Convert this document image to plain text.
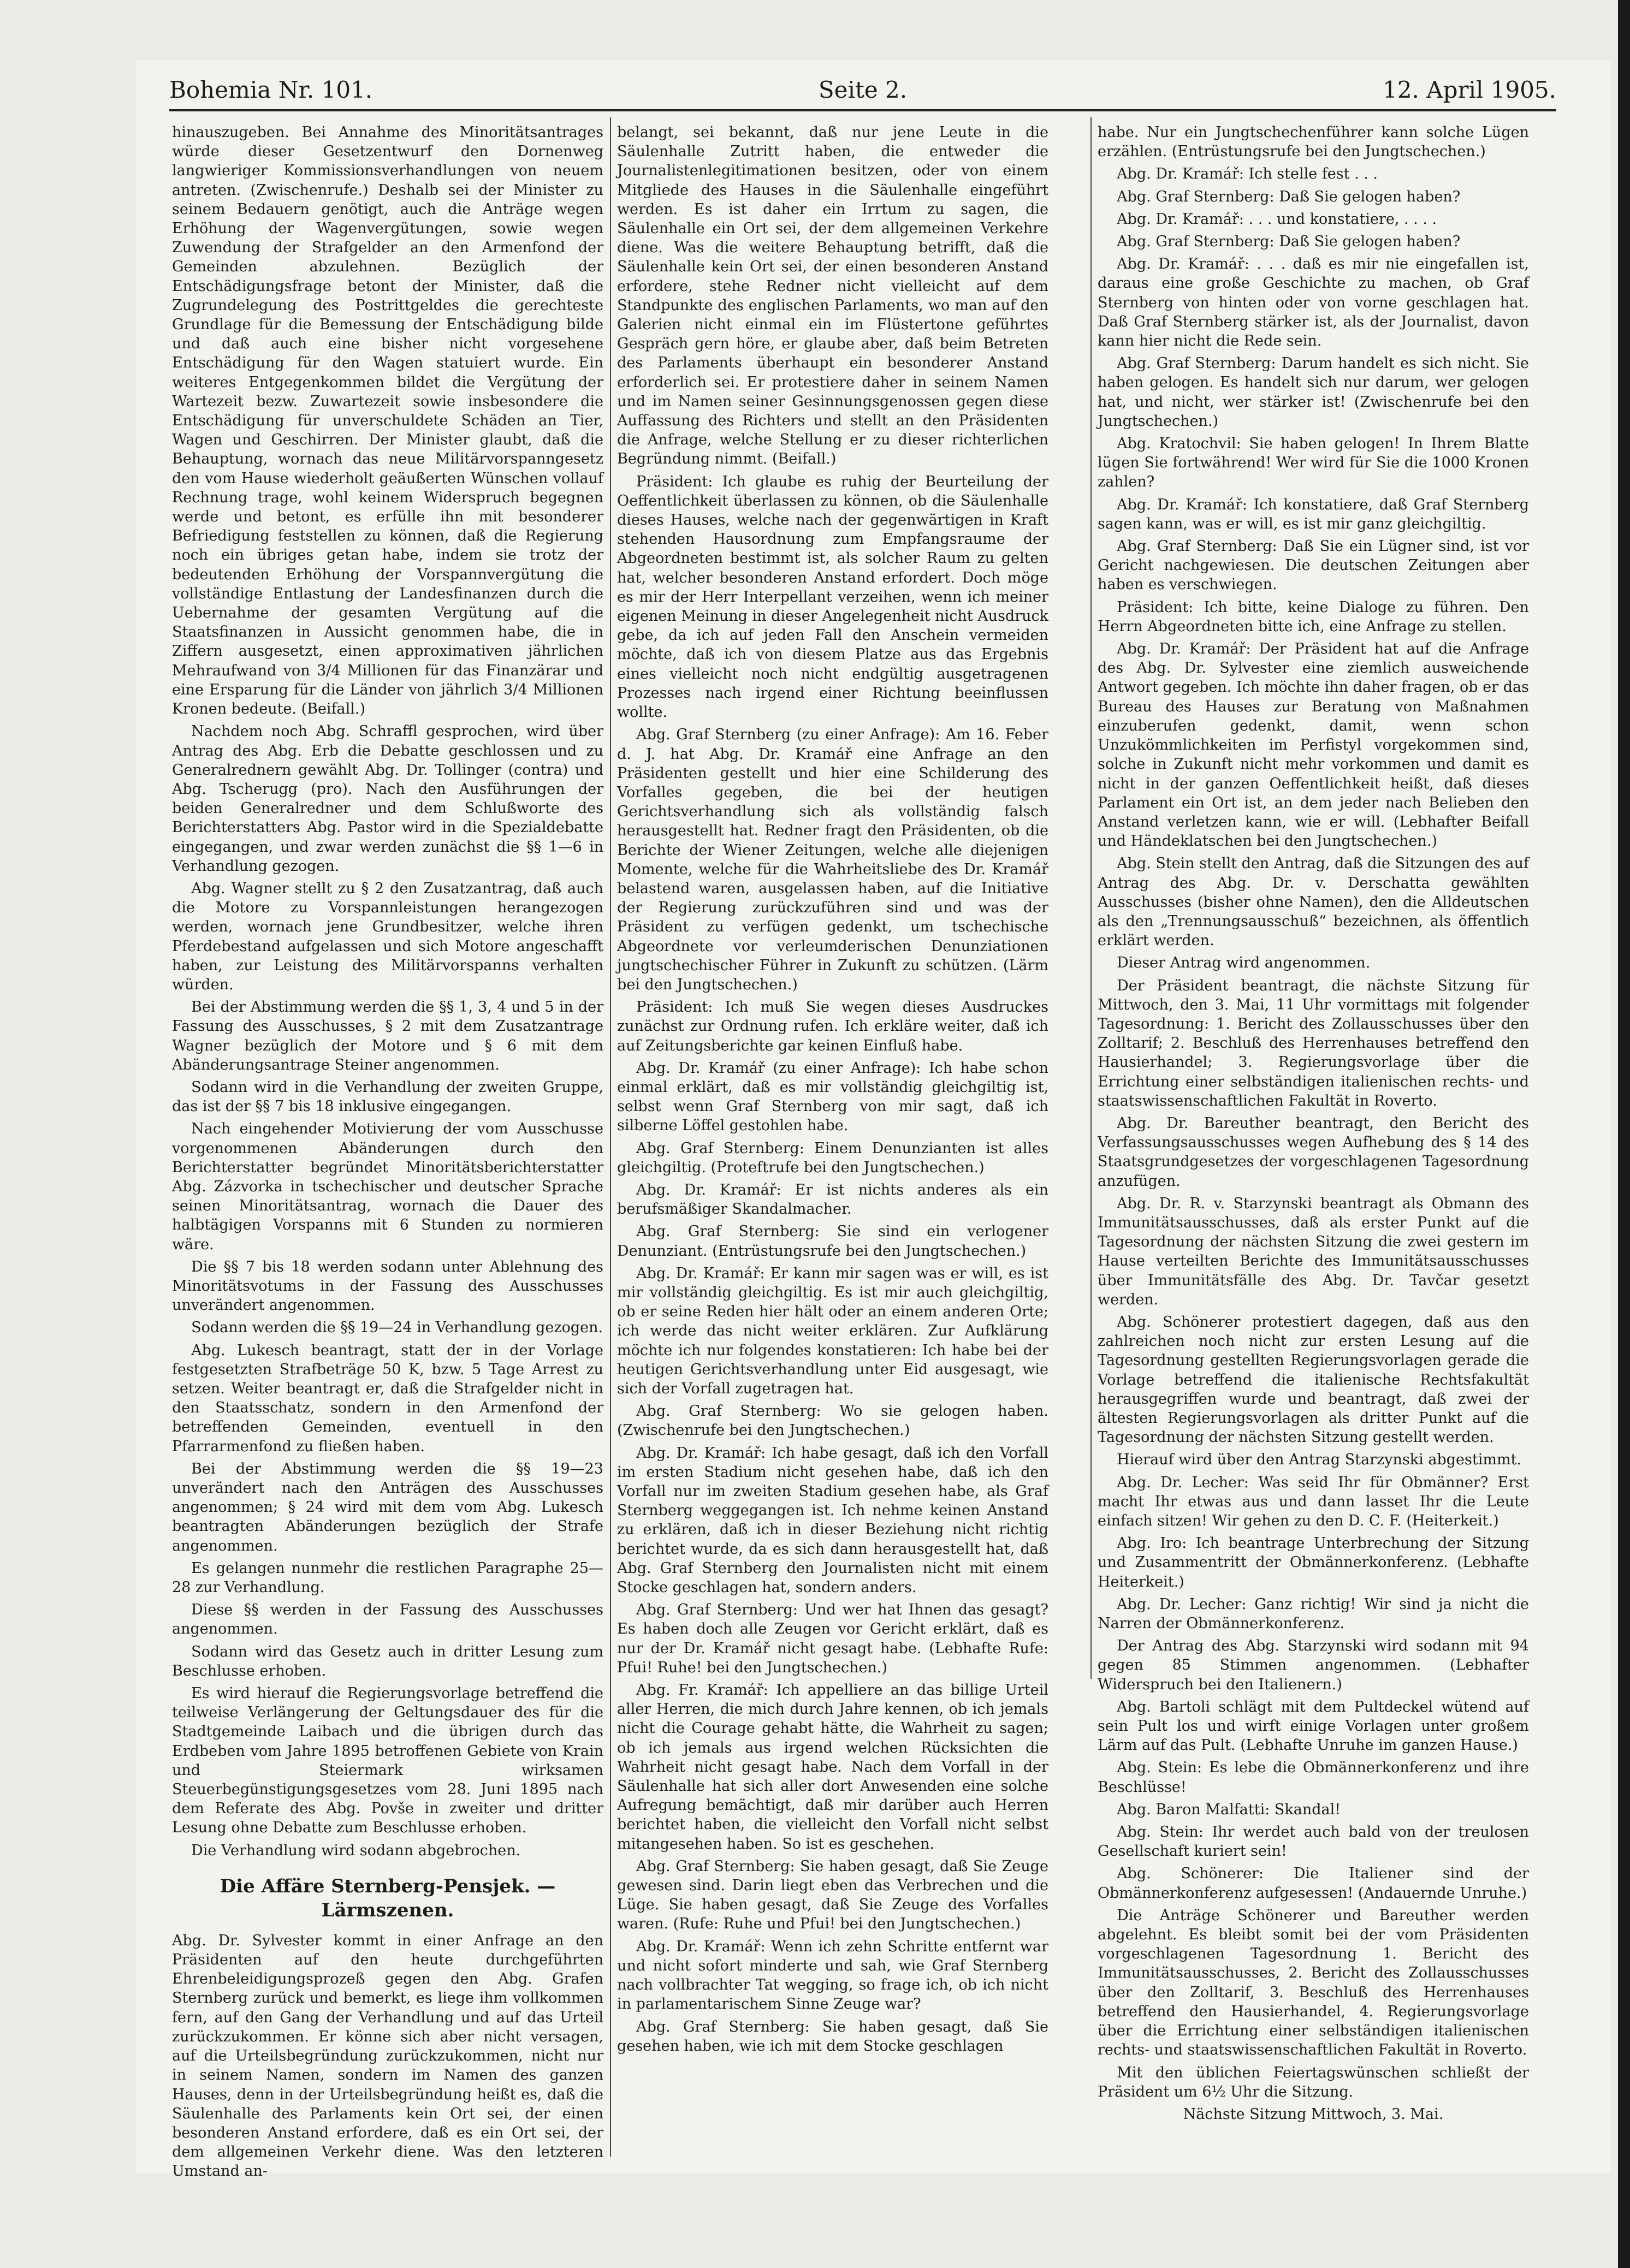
Bohemia Nr. 101.	Seite 2.	12. April 1905.

hinauszugeben. Bei Annahme des Minoritätsantrages würde dieser Gesetzentwurf den Dornenweg langwieriger Kommissionsverhandlungen von neuem antreten. (Zwischenrufe.) Deshalb sei der Minister zu seinem Bedauern genötigt, auch die Anträge wegen Erhöhung der Wagenvergütungen, sowie wegen Zuwendung der Strafgelder an den Armenfond der Gemeinden abzulehnen. Bezüglich der Entschädigungsfrage betont der Minister, daß die Zugrundelegung des Postrittgeldes die gerechteste Grundlage für die Bemessung der Entschädigung bilde und daß auch eine bisher nicht vorgesehene Entschädigung für den Wagen statuiert wurde. Ein weiteres Entgegenkommen bildet die Vergütung der Wartezeit bezw. Zuwartezeit sowie insbesondere die Entschädigung für unverschuldete Schäden an Tier, Wagen und Geschirren. Der Minister glaubt, daß die Behauptung, wornach das neue Militärvorspanngesetz den vom Hause wiederholt geäußerten Wünschen vollauf Rechnung trage, wohl keinem Widerspruch begegnen werde und betont, es erfülle ihn mit besonderer Befriedigung feststellen zu können, daß die Regierung noch ein übriges getan habe, indem sie trotz der bedeutenden Erhöhung der Vorspannvergütung die vollständige Entlastung der Landesfinanzen durch die Uebernahme der gesamten Vergütung auf die Staatsfinanzen in Aussicht genommen habe, die in Ziffern ausgesetzt, einen approximativen jährlichen Mehraufwand von 3/4 Millionen für das Finanzärar und eine Ersparung für die Länder von jährlich 3/4 Millionen Kronen bedeute. (Beifall.)

Nachdem noch Abg. Schraffl gesprochen, wird über Antrag des Abg. Erb die Debatte geschlossen und zu Generalrednern gewählt Abg. Dr. Tollinger (contra) und Abg. Tscherugg (pro). Nach den Ausführungen der beiden Generalredner und dem Schlußworte des Berichterstatters Abg. Pastor wird in die Spezialdebatte eingegangen, und zwar werden zunächst die §§ 1—6 in Verhandlung gezogen.

Abg. Wagner stellt zu § 2 den Zusatzantrag, daß auch die Motore zu Vorspannleistungen herangezogen werden, wornach jene Grundbesitzer, welche ihren Pferdebestand aufgelassen und sich Motore angeschafft haben, zur Leistung des Militärvorspanns verhalten würden.

Bei der Abstimmung werden die §§ 1, 3, 4 und 5 in der Fassung des Ausschusses, § 2 mit dem Zusatzantrage Wagner bezüglich der Motore und § 6 mit dem Abänderungsantrage Steiner angenommen.

Sodann wird in die Verhandlung der zweiten Gruppe, das ist der §§ 7 bis 18 inklusive eingegangen.

Nach eingehender Motivierung der vom Ausschusse vorgenommenen Abänderungen durch den Berichterstatter begründet Minoritätsberichterstatter Abg. Zázvorka in tschechischer und deutscher Sprache seinen Minoritätsantrag, wornach die Dauer des halbtägigen Vorspanns mit 6 Stunden zu normieren wäre.

Die §§ 7 bis 18 werden sodann unter Ablehnung des Minoritätsvotums in der Fassung des Ausschusses unverändert angenommen.

Sodann werden die §§ 19—24 in Verhandlung gezogen.

Abg. Lukesch beantragt, statt der in der Vorlage festgesetzten Strafbeträge 50 K, bzw. 5 Tage Arrest zu setzen. Weiter beantragt er, daß die Strafgelder nicht in den Staatsschatz, sondern in den Armenfond der betreffenden Gemeinden, eventuell in den Pfarrarmenfond zu fließen haben.

Bei der Abstimmung werden die §§ 19—23 unverändert nach den Anträgen des Ausschusses angenommen; § 24 wird mit dem vom Abg. Lukesch beantragten Abänderungen bezüglich der Strafe angenommen.

Es gelangen nunmehr die restlichen Paragraphe 25—28 zur Verhandlung.

Diese §§ werden in der Fassung des Ausschusses angenommen.

Sodann wird das Gesetz auch in dritter Lesung zum Beschlusse erhoben.

Es wird hierauf die Regierungsvorlage betreffend die teilweise Verlängerung der Geltungsdauer des für die Stadtgemeinde Laibach und die übrigen durch das Erdbeben vom Jahre 1895 betroffenen Gebiete von Krain und Steiermark wirksamen Steuerbegünstigungsgesetzes vom 28. Juni 1895 nach dem Referate des Abg. Povše in zweiter und dritter Lesung ohne Debatte zum Beschlusse erhoben.

Die Verhandlung wird sodann abgebrochen.

Die Affäre Sternberg-Pensjek. —
Lärmszenen.

Abg. Dr. Sylvester kommt in einer Anfrage an den Präsidenten auf den heute durchgeführten Ehrenbeleidigungsprozeß gegen den Abg. Grafen Sternberg zurück und bemerkt, es liege ihm vollkommen fern, auf den Gang der Verhandlung und auf das Urteil zurückzukommen. Er könne sich aber nicht versagen, auf die Urteilsbegründung zurückzukommen, nicht nur in seinem Namen, sondern im Namen des ganzen Hauses, denn in der Urteilsbegründung heißt es, daß die Säulenhalle des Parlaments kein Ort sei, der einen besonderen Anstand erfordere, daß es ein Ort sei, der dem allgemeinen Verkehr diene. Was den letzteren Umstand an-

belangt, sei bekannt, daß nur jene Leute in die Säulenhalle Zutritt haben, die entweder die Journalistenlegitimationen besitzen, oder von einem Mitgliede des Hauses in die Säulenhalle eingeführt werden. Es ist daher ein Irrtum zu sagen, die Säulenhalle ein Ort sei, der dem allgemeinen Verkehre diene. Was die weitere Behauptung betrifft, daß die Säulenhalle kein Ort sei, der einen besonderen Anstand erfordere, stehe Redner nicht vielleicht auf dem Standpunkte des englischen Parlaments, wo man auf den Galerien nicht einmal ein im Flüstertone geführtes Gespräch gern höre, er glaube aber, daß beim Betreten des Parlaments überhaupt ein besonderer Anstand erforderlich sei. Er protestiere daher in seinem Namen und im Namen seiner Gesinnungsgenossen gegen diese Auffassung des Richters und stellt an den Präsidenten die Anfrage, welche Stellung er zu dieser richterlichen Begründung nimmt. (Beifall.)

Präsident: Ich glaube es ruhig der Beurteilung der Oeffentlichkeit überlassen zu können, ob die Säulenhalle dieses Hauses, welche nach der gegenwärtigen in Kraft stehenden Hausordnung zum Empfangsraume der Abgeordneten bestimmt ist, als solcher Raum zu gelten hat, welcher besonderen Anstand erfordert. Doch möge es mir der Herr Interpellant verzeihen, wenn ich meiner eigenen Meinung in dieser Angelegenheit nicht Ausdruck gebe, da ich auf jeden Fall den Anschein vermeiden möchte, daß ich von diesem Platze aus das Ergebnis eines vielleicht noch nicht endgültig ausgetragenen Prozesses nach irgend einer Richtung beeinflussen wollte.

Abg. Graf Sternberg (zu einer Anfrage): Am 16. Feber d. J. hat Abg. Dr. Kramář eine Anfrage an den Präsidenten gestellt und hier eine Schilderung des Vorfalles gegeben, die bei der heutigen Gerichtsverhandlung sich als vollständig falsch herausgestellt hat. Redner fragt den Präsidenten, ob die Berichte der Wiener Zeitungen, welche alle diejenigen Momente, welche für die Wahrheitsliebe des Dr. Kramář belastend waren, ausgelassen haben, auf die Initiative der Regierung zurückzuführen sind und was der Präsident zu verfügen gedenkt, um tschechische Abgeordnete vor verleumderischen Denunziationen jungtschechischer Führer in Zukunft zu schützen. (Lärm bei den Jungtschechen.)

Präsident: Ich muß Sie wegen dieses Ausdruckes zunächst zur Ordnung rufen. Ich erkläre weiter, daß ich auf Zeitungsberichte gar keinen Einfluß habe.

Abg. Dr. Kramář (zu einer Anfrage): Ich habe schon einmal erklärt, daß es mir vollständig gleichgiltig ist, selbst wenn Graf Sternberg von mir sagt, daß ich silberne Löffel gestohlen habe.

Abg. Graf Sternberg: Einem Denunzianten ist alles gleichgiltig. (Proteftrufe bei den Jungtschechen.)

Abg. Dr. Kramář: Er ist nichts anderes als ein berufsmäßiger Skandalmacher.

Abg. Graf Sternberg: Sie sind ein verlogener Denunziant. (Entrüstungsrufe bei den Jungtschechen.)

Abg. Dr. Kramář: Er kann mir sagen was er will, es ist mir vollständig gleichgiltig. Es ist mir auch gleichgiltig, ob er seine Reden hier hält oder an einem anderen Orte; ich werde das nicht weiter erklären. Zur Aufklärung möchte ich nur folgendes konstatieren: Ich habe bei der heutigen Gerichtsverhandlung unter Eid ausgesagt, wie sich der Vorfall zugetragen hat.

Abg. Graf Sternberg: Wo sie gelogen haben. (Zwischenrufe bei den Jungtschechen.)

Abg. Dr. Kramář: Ich habe gesagt, daß ich den Vorfall im ersten Stadium nicht gesehen habe, daß ich den Vorfall nur im zweiten Stadium gesehen habe, als Graf Sternberg weggegangen ist. Ich nehme keinen Anstand zu erklären, daß ich in dieser Beziehung nicht richtig berichtet wurde, da es sich dann herausgestellt hat, daß Abg. Graf Sternberg den Journalisten nicht mit einem Stocke geschlagen hat, sondern anders.

Abg. Graf Sternberg: Und wer hat Ihnen das gesagt? Es haben doch alle Zeugen vor Gericht erklärt, daß es nur der Dr. Kramář nicht gesagt habe. (Lebhafte Rufe: Pfui! Ruhe! bei den Jungtschechen.)

Abg. Fr. Kramář: Ich appelliere an das billige Urteil aller Herren, die mich durch Jahre kennen, ob ich jemals nicht die Courage gehabt hätte, die Wahrheit zu sagen; ob ich jemals aus irgend welchen Rücksichten die Wahrheit nicht gesagt habe. Nach dem Vorfall in der Säulenhalle hat sich aller dort Anwesenden eine solche Aufregung bemächtigt, daß mir darüber auch Herren berichtet haben, die vielleicht den Vorfall nicht selbst mitangesehen haben. So ist es geschehen.

Abg. Graf Sternberg: Sie haben gesagt, daß Sie Zeuge gewesen sind. Darin liegt eben das Verbrechen und die Lüge. Sie haben gesagt, daß Sie Zeuge des Vorfalles waren. (Rufe: Ruhe und Pfui! bei den Jungtschechen.)

Abg. Dr. Kramář: Wenn ich zehn Schritte entfernt war und nicht sofort minderte und sah, wie Graf Sternberg nach vollbrachter Tat wegging, so frage ich, ob ich nicht in parlamentarischem Sinne Zeuge war?

Abg. Graf Sternberg: Sie haben gesagt, daß Sie gesehen haben, wie ich mit dem Stocke geschlagen

habe. Nur ein Jungtschechenführer kann solche Lügen erzählen. (Entrüstungsrufe bei den Jungtschechen.)

Abg. Dr. Kramář: Ich stelle fest . . .

Abg. Graf Sternberg: Daß Sie gelogen haben?

Abg. Dr. Kramář: . . . und konstatiere, . . . .

Abg. Graf Sternberg: Daß Sie gelogen haben?

Abg. Dr. Kramář: . . . daß es mir nie eingefallen ist, daraus eine große Geschichte zu machen, ob Graf Sternberg von hinten oder von vorne geschlagen hat. Daß Graf Sternberg stärker ist, als der Journalist, davon kann hier nicht die Rede sein.

Abg. Graf Sternberg: Darum handelt es sich nicht. Sie haben gelogen. Es handelt sich nur darum, wer gelogen hat, und nicht, wer stärker ist! (Zwischenrufe bei den Jungtschechen.)

Abg. Kratochvil: Sie haben gelogen! In Ihrem Blatte lügen Sie fortwährend! Wer wird für Sie die 1000 Kronen zahlen?

Abg. Dr. Kramář: Ich konstatiere, daß Graf Sternberg sagen kann, was er will, es ist mir ganz gleichgiltig.

Abg. Graf Sternberg: Daß Sie ein Lügner sind, ist vor Gericht nachgewiesen. Die deutschen Zeitungen aber haben es verschwiegen.

Präsident: Ich bitte, keine Dialoge zu führen. Den Herrn Abgeordneten bitte ich, eine Anfrage zu stellen.

Abg. Dr. Kramář: Der Präsident hat auf die Anfrage des Abg. Dr. Sylvester eine ziemlich ausweichende Antwort gegeben. Ich möchte ihn daher fragen, ob er das Bureau des Hauses zur Beratung von Maßnahmen einzuberufen gedenkt, damit, wenn schon Unzukömmlichkeiten im Perfistyl vorgekommen sind, solche in Zukunft nicht mehr vorkommen und damit es nicht in der ganzen Oeffentlichkeit heißt, daß dieses Parlament ein Ort ist, an dem jeder nach Belieben den Anstand verletzen kann, wie er will. (Lebhafter Beifall und Händeklatschen bei den Jungtschechen.)

Abg. Stein stellt den Antrag, daß die Sitzungen des auf Antrag des Abg. Dr. v. Derschatta gewählten Ausschusses (bisher ohne Namen), den die Alldeutschen als den „Trennungsausschuß“ bezeichnen, als öffentlich erklärt werden.

Dieser Antrag wird angenommen.

Der Präsident beantragt, die nächste Sitzung für Mittwoch, den 3. Mai, 11 Uhr vormittags mit folgender Tagesordnung: 1. Bericht des Zollausschusses über den Zolltarif; 2. Beschluß des Herrenhauses betreffend den Hausierhandel; 3. Regierungsvorlage über die Errichtung einer selbständigen italienischen rechts- und staatswissenschaftlichen Fakultät in Roverto.

Abg. Dr. Bareuther beantragt, den Bericht des Verfassungsausschusses wegen Aufhebung des § 14 des Staatsgrundgesetzes der vorgeschlagenen Tagesordnung anzufügen.

Abg. Dr. R. v. Starzynski beantragt als Obmann des Immunitätsausschusses, daß als erster Punkt auf die Tagesordnung der nächsten Sitzung die zwei gestern im Hause verteilten Berichte des Immunitätsausschusses über Immunitätsfälle des Abg. Dr. Tavčar gesetzt werden.

Abg. Schönerer protestiert dagegen, daß aus den zahlreichen noch nicht zur ersten Lesung auf die Tagesordnung gestellten Regierungsvorlagen gerade die Vorlage betreffend die italienische Rechtsfakultät herausgegriffen wurde und beantragt, daß zwei der ältesten Regierungsvorlagen als dritter Punkt auf die Tagesordnung der nächsten Sitzung gestellt werden.

Hierauf wird über den Antrag Starzynski abgestimmt.

Abg. Dr. Lecher: Was seid Ihr für Obmänner? Erst macht Ihr etwas aus und dann lasset Ihr die Leute einfach sitzen! Wir gehen zu den D. C. F. (Heiterkeit.)

Abg. Iro: Ich beantrage Unterbrechung der Sitzung und Zusammentritt der Obmännerkonferenz. (Lebhafte Heiterkeit.)

Abg. Dr. Lecher: Ganz richtig! Wir sind ja nicht die Narren der Obmännerkonferenz.

Der Antrag des Abg. Starzynski wird sodann mit 94 gegen 85 Stimmen angenommen. (Lebhafter Widerspruch bei den Italienern.)

Abg. Bartoli schlägt mit dem Pultdeckel wütend auf sein Pult los und wirft einige Vorlagen unter großem Lärm auf das Pult. (Lebhafte Unruhe im ganzen Hause.)

Abg. Stein: Es lebe die Obmännerkonferenz und ihre Beschlüsse!

Abg. Baron Malfatti: Skandal!

Abg. Stein: Ihr werdet auch bald von der treulosen Gesellschaft kuriert sein!

Abg. Schönerer: Die Italiener sind der Obmännerkonferenz aufgesessen! (Andauernde Unruhe.)

Die Anträge Schönerer und Bareuther werden abgelehnt. Es bleibt somit bei der vom Präsidenten vorgeschlagenen Tagesordnung 1. Bericht des Immunitätsausschusses, 2. Bericht des Zollausschusses über den Zolltarif, 3. Beschluß des Herrenhauses betreffend den Hausierhandel, 4. Regierungsvorlage über die Errichtung einer selbständigen italienischen rechts- und staatswissenschaftlichen Fakultät in Roverto.

Mit den üblichen Feiertagswünschen schließt der Präsident um 6½ Uhr die Sitzung.

Nächste Sitzung Mittwoch, 3. Mai.
